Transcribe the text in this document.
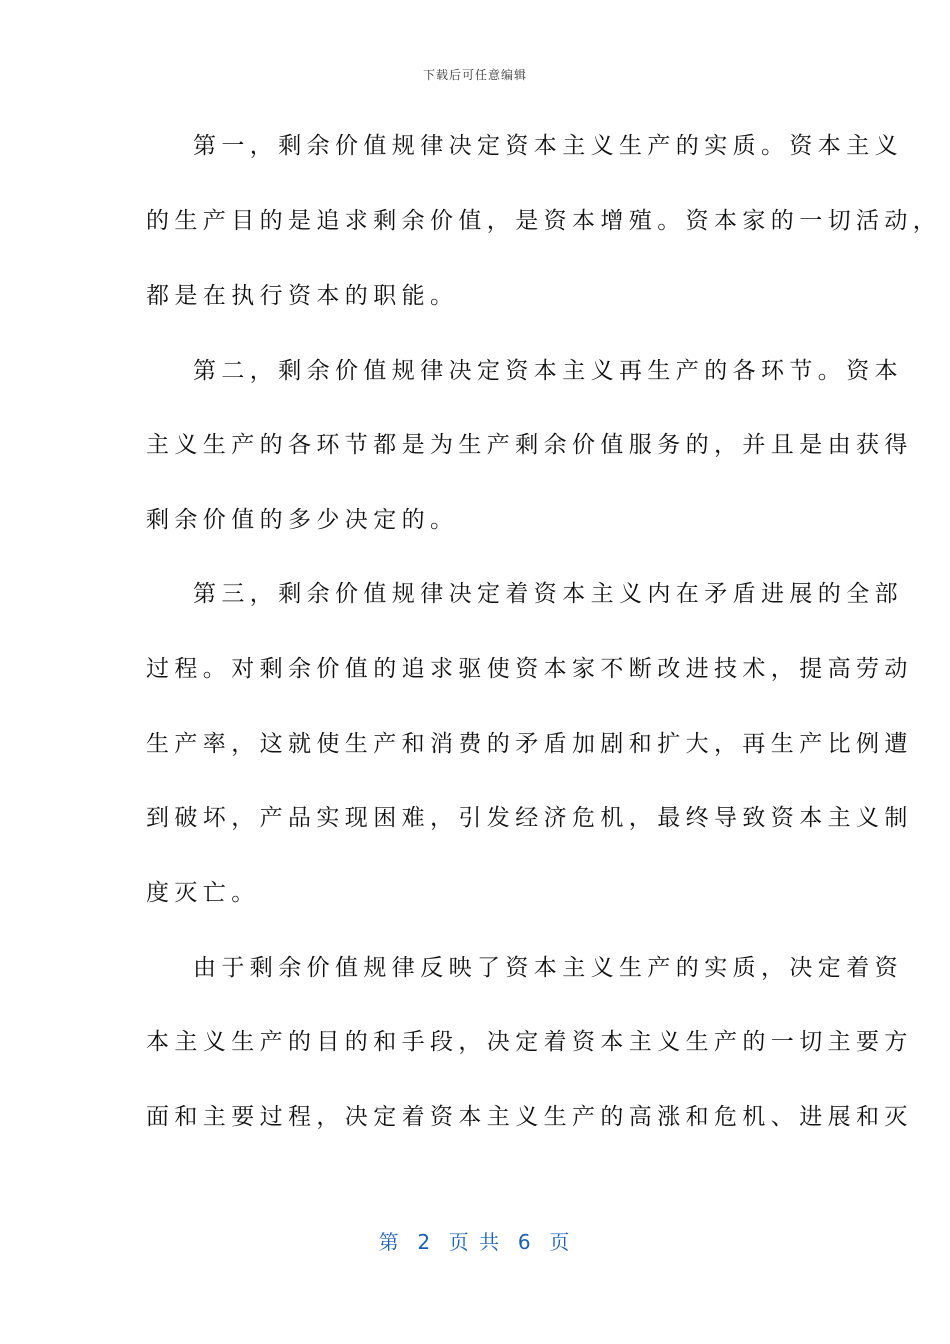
下载后可任意编辑
第一，剩余价值规律决定资本主义生产的实质。资本主义
的生产目的是追求剩余价值，是资本增殖。资本家的一切活动，
都是在执行资本的职能。
第二，剩余价值规律决定资本主义再生产的各环节。资本
主义生产的各环节都是为生产剩余价值服务的，并且是由获得
剩余价值的多少决定的。
第三，剩余价值规律决定着资本主义内在矛盾进展的全部
过程。对剩余价值的追求驱使资本家不断改进技术，提高劳动
生产率，这就使生产和消费的矛盾加剧和扩大，再生产比例遭
到破坏，产品实现困难，引发经济危机，最终导致资本主义制
度灭亡。
由于剩余价值规律反映了资本主义生产的实质，决定着资
本主义生产的目的和手段，决定着资本主义生产的一切主要方
面和主要过程，决定着资本主义生产的高涨和危机、进展和灭
第  2  页 共  6  页
